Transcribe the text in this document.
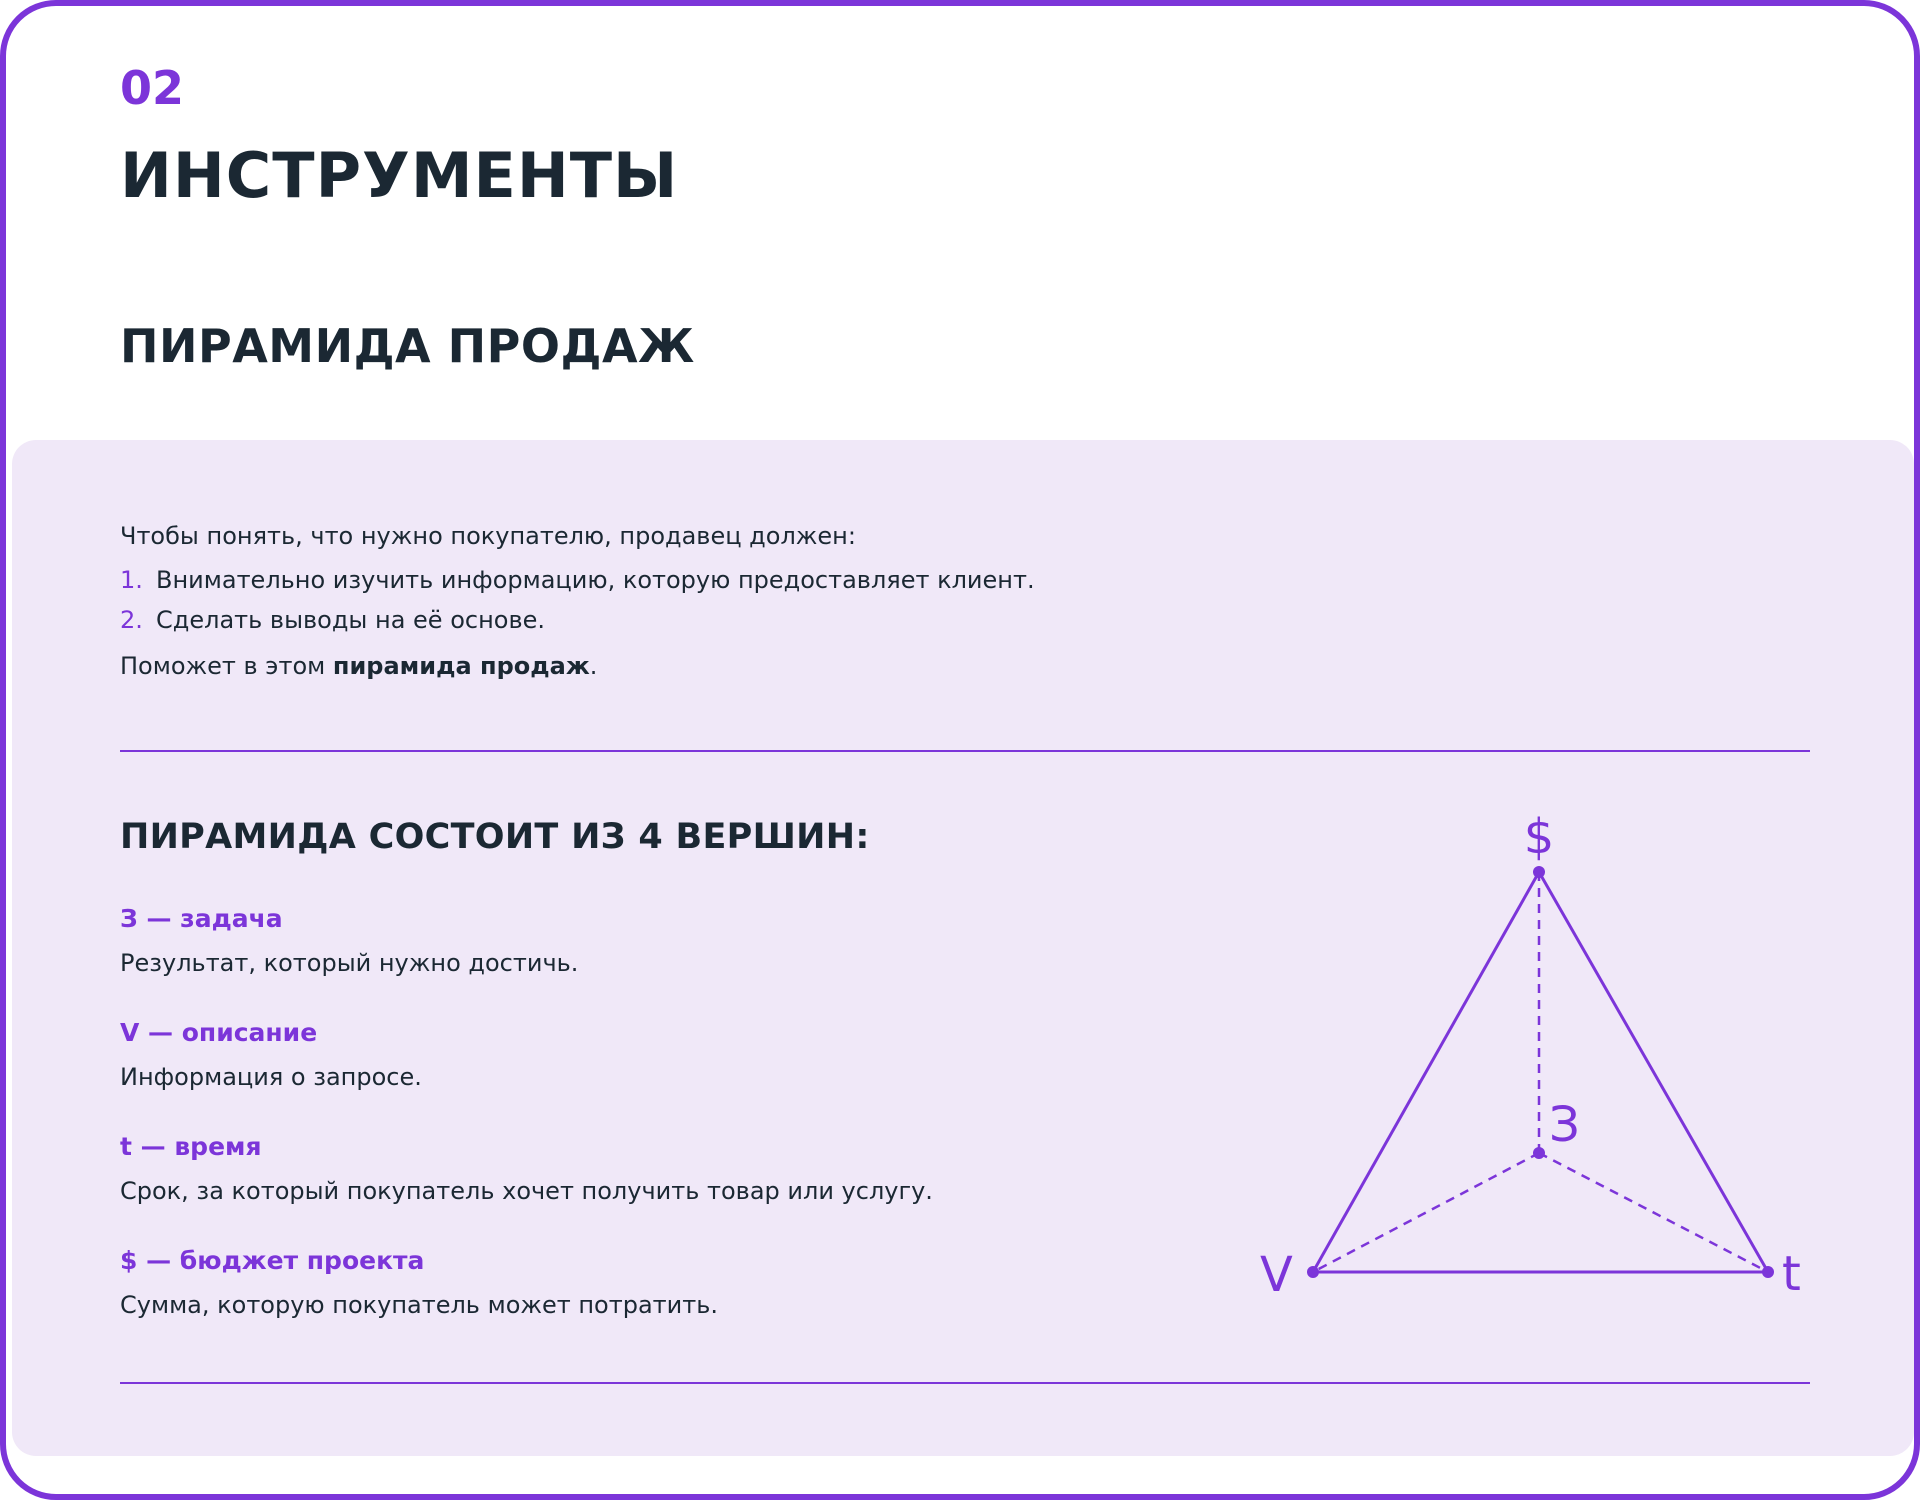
02
ИНСТРУМЕНТЫ
ПИРАМИДА ПРОДАЖ

Чтобы понять, что нужно покупателю, продавец должен:

1. Внимательно изучить информацию, которую предоставляет клиент.
2. Сделать выводы на её основе.

Поможет в этом пирамида продаж.

ПИРАМИДА СОСТОИТ ИЗ 4 ВЕРШИН:
З — задача
Результат, который нужно достичь.
V — описание
Информация о запросе.
t — время
Срок, за который покупатель хочет получить товар или услугу.
$ — бюджет проекта
Сумма, которую покупатель может потратить.
$
З
V	t
